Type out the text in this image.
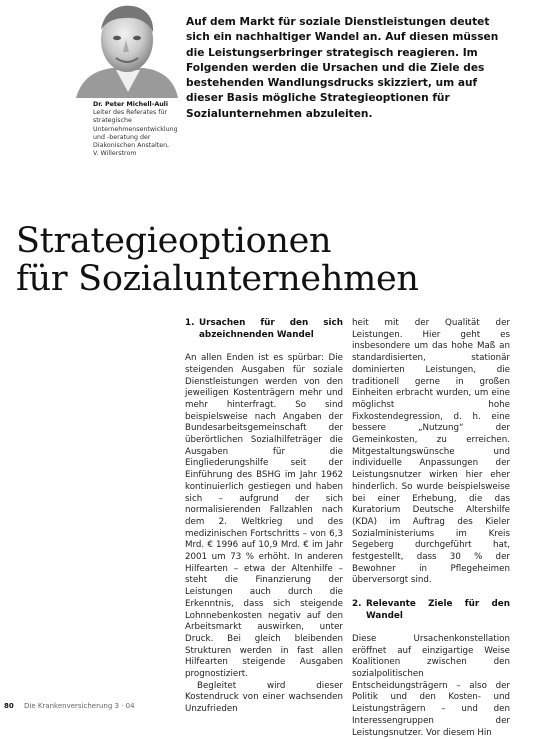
Dr. Peter Michell-Auli
Leiter des Referates für strategische Unternehmensentwicklung und -beratung der Diakonischen Anstalten, V. Willerstrom
Auf dem Markt für soziale Dienstleistungen deutet sich ein nachhaltiger Wandel an. Auf diesen müssen die Leistungserbringer strategisch reagieren. Im Folgenden werden die Ursachen und die Ziele des bestehenden Wandlungsdrucks skizziert, um auf dieser Basis mögliche Strategieoptionen für Sozialunternehmen abzuleiten.
Strategieoptionen
für Sozialunternehmen
1. Ursachen für den sich abzeichnenden Wandel

An allen Enden ist es spürbar: Die steigenden Ausgaben für soziale Dienstleistungen werden von den jeweiligen Kostenträgern mehr und mehr hinterfragt. So sind beispielsweise nach Angaben der Bundesarbeitsgemeinschaft der überörtlichen Sozialhilfeträger die Ausgaben für die Eingliederungshilfe seit der Einführung des BSHG im Jahr 1962 kontinuierlich gestiegen und haben sich – aufgrund der sich normalisierenden Fallzahlen nach dem 2. Weltkrieg und des medizinischen Fortschritts – von 6,3 Mrd. € 1996 auf 10,9 Mrd. € im Jahr 2001 um 73 % erhöht. In anderen Hilfearten – etwa der Altenhilfe – steht die Finanzierung der Leistungen auch durch die Erkenntnis, dass sich steigende Lohnnebenkosten negativ auf den Arbeitsmarkt auswirken, unter Druck. Bei gleich bleibenden Strukturen werden in fast allen Hilfearten steigende Ausgaben prognostiziert.

Begleitet wird dieser Kostendruck von einer wachsenden Unzufrieden

heit mit der Qualität der Leistungen. Hier geht es insbesondere um das hohe Maß an standardisierten, stationär dominierten Leistungen, die traditionell gerne in großen Einheiten erbracht wurden, um eine möglichst hohe Fixkostendegression, d. h. eine bessere „Nutzung“ der Gemeinkosten, zu erreichen. Mitgestaltungswünsche und individuelle Anpassungen der Leistungsnutzer wirken hier eher hinderlich. So wurde beispielsweise bei einer Erhebung, die das Kuratorium Deutsche Altershilfe (KDA) im Auftrag des Kieler Sozialministeriums im Kreis Segeberg durchgeführt hat, festgestellt, dass 30 % der Bewohner in Pflegeheimen überversorgt sind.

2. Relevante Ziele für den Wandel

Diese Ursachenkonstellation eröffnet auf einzigartige Weise Koalitionen zwischen den sozialpolitischen Entscheidungsträgern – also der Politik und den Kosten- und Leistungsträgern – und den Interessengruppen der Leistungsnutzer. Vor diesem Hin

80 Die Krankenversicherung 3 · 04
